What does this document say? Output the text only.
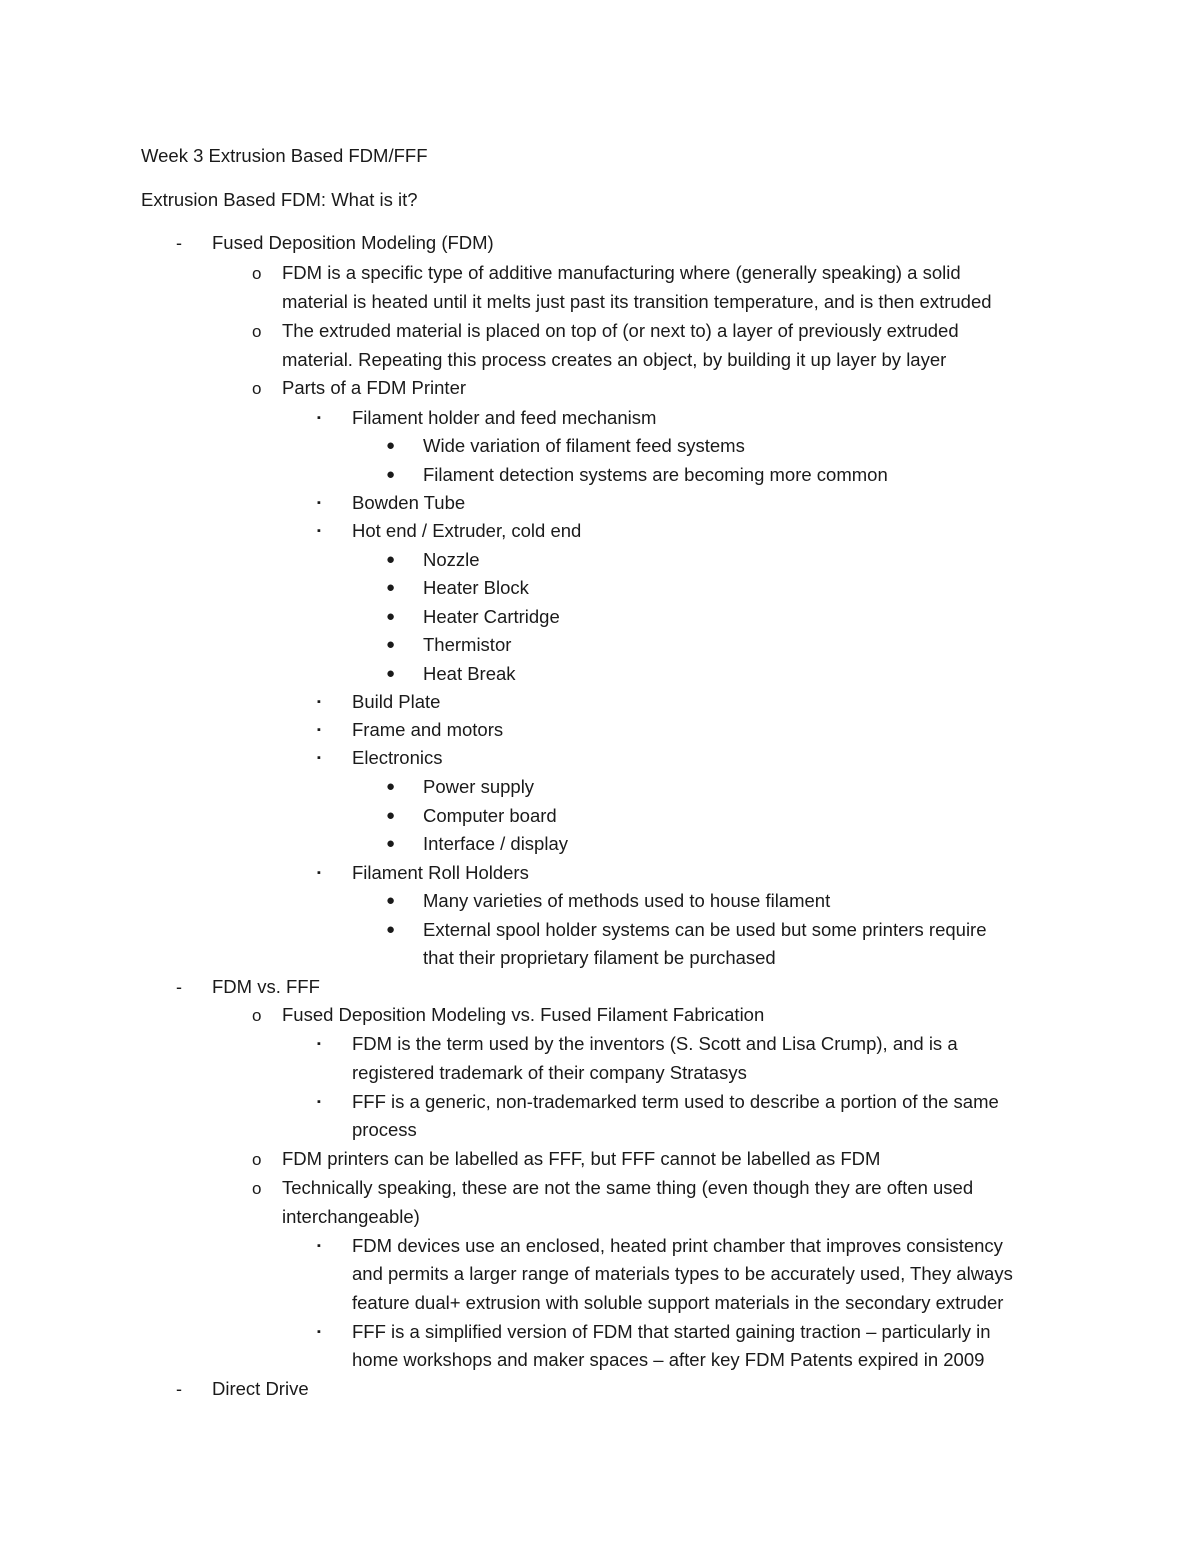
Week 3 Extrusion Based FDM/FFF
Extrusion Based FDM: What is it?
- Fused Deposition Modeling (FDM)
o FDM is a specific type of additive manufacturing where (generally speaking) a solid
material is heated until it melts just past its transition temperature, and is then extruded
o The extruded material is placed on top of (or next to) a layer of previously extruded
material. Repeating this process creates an object, by building it up layer by layer
o Parts of a FDM Printer
▪ Filament holder and feed mechanism
● Wide variation of filament feed systems
● Filament detection systems are becoming more common
▪ Bowden Tube
▪ Hot end / Extruder, cold end
● Nozzle
● Heater Block
● Heater Cartridge
● Thermistor
● Heat Break
▪ Build Plate
▪ Frame and motors
▪ Electronics
● Power supply
● Computer board
● Interface / display
▪ Filament Roll Holders
● Many varieties of methods used to house filament
● External spool holder systems can be used but some printers require
that their proprietary filament be purchased
- FDM vs. FFF
o Fused Deposition Modeling vs. Fused Filament Fabrication
▪ FDM is the term used by the inventors (S. Scott and Lisa Crump), and is a
registered trademark of their company Stratasys
▪ FFF is a generic, non-trademarked term used to describe a portion of the same
process
o FDM printers can be labelled as FFF, but FFF cannot be labelled as FDM
o Technically speaking, these are not the same thing (even though they are often used
interchangeable)
▪ FDM devices use an enclosed, heated print chamber that improves consistency
and permits a larger range of materials types to be accurately used, They always
feature dual+ extrusion with soluble support materials in the secondary extruder
▪ FFF is a simplified version of FDM that started gaining traction – particularly in
home workshops and maker spaces – after key FDM Patents expired in 2009
- Direct Drive
